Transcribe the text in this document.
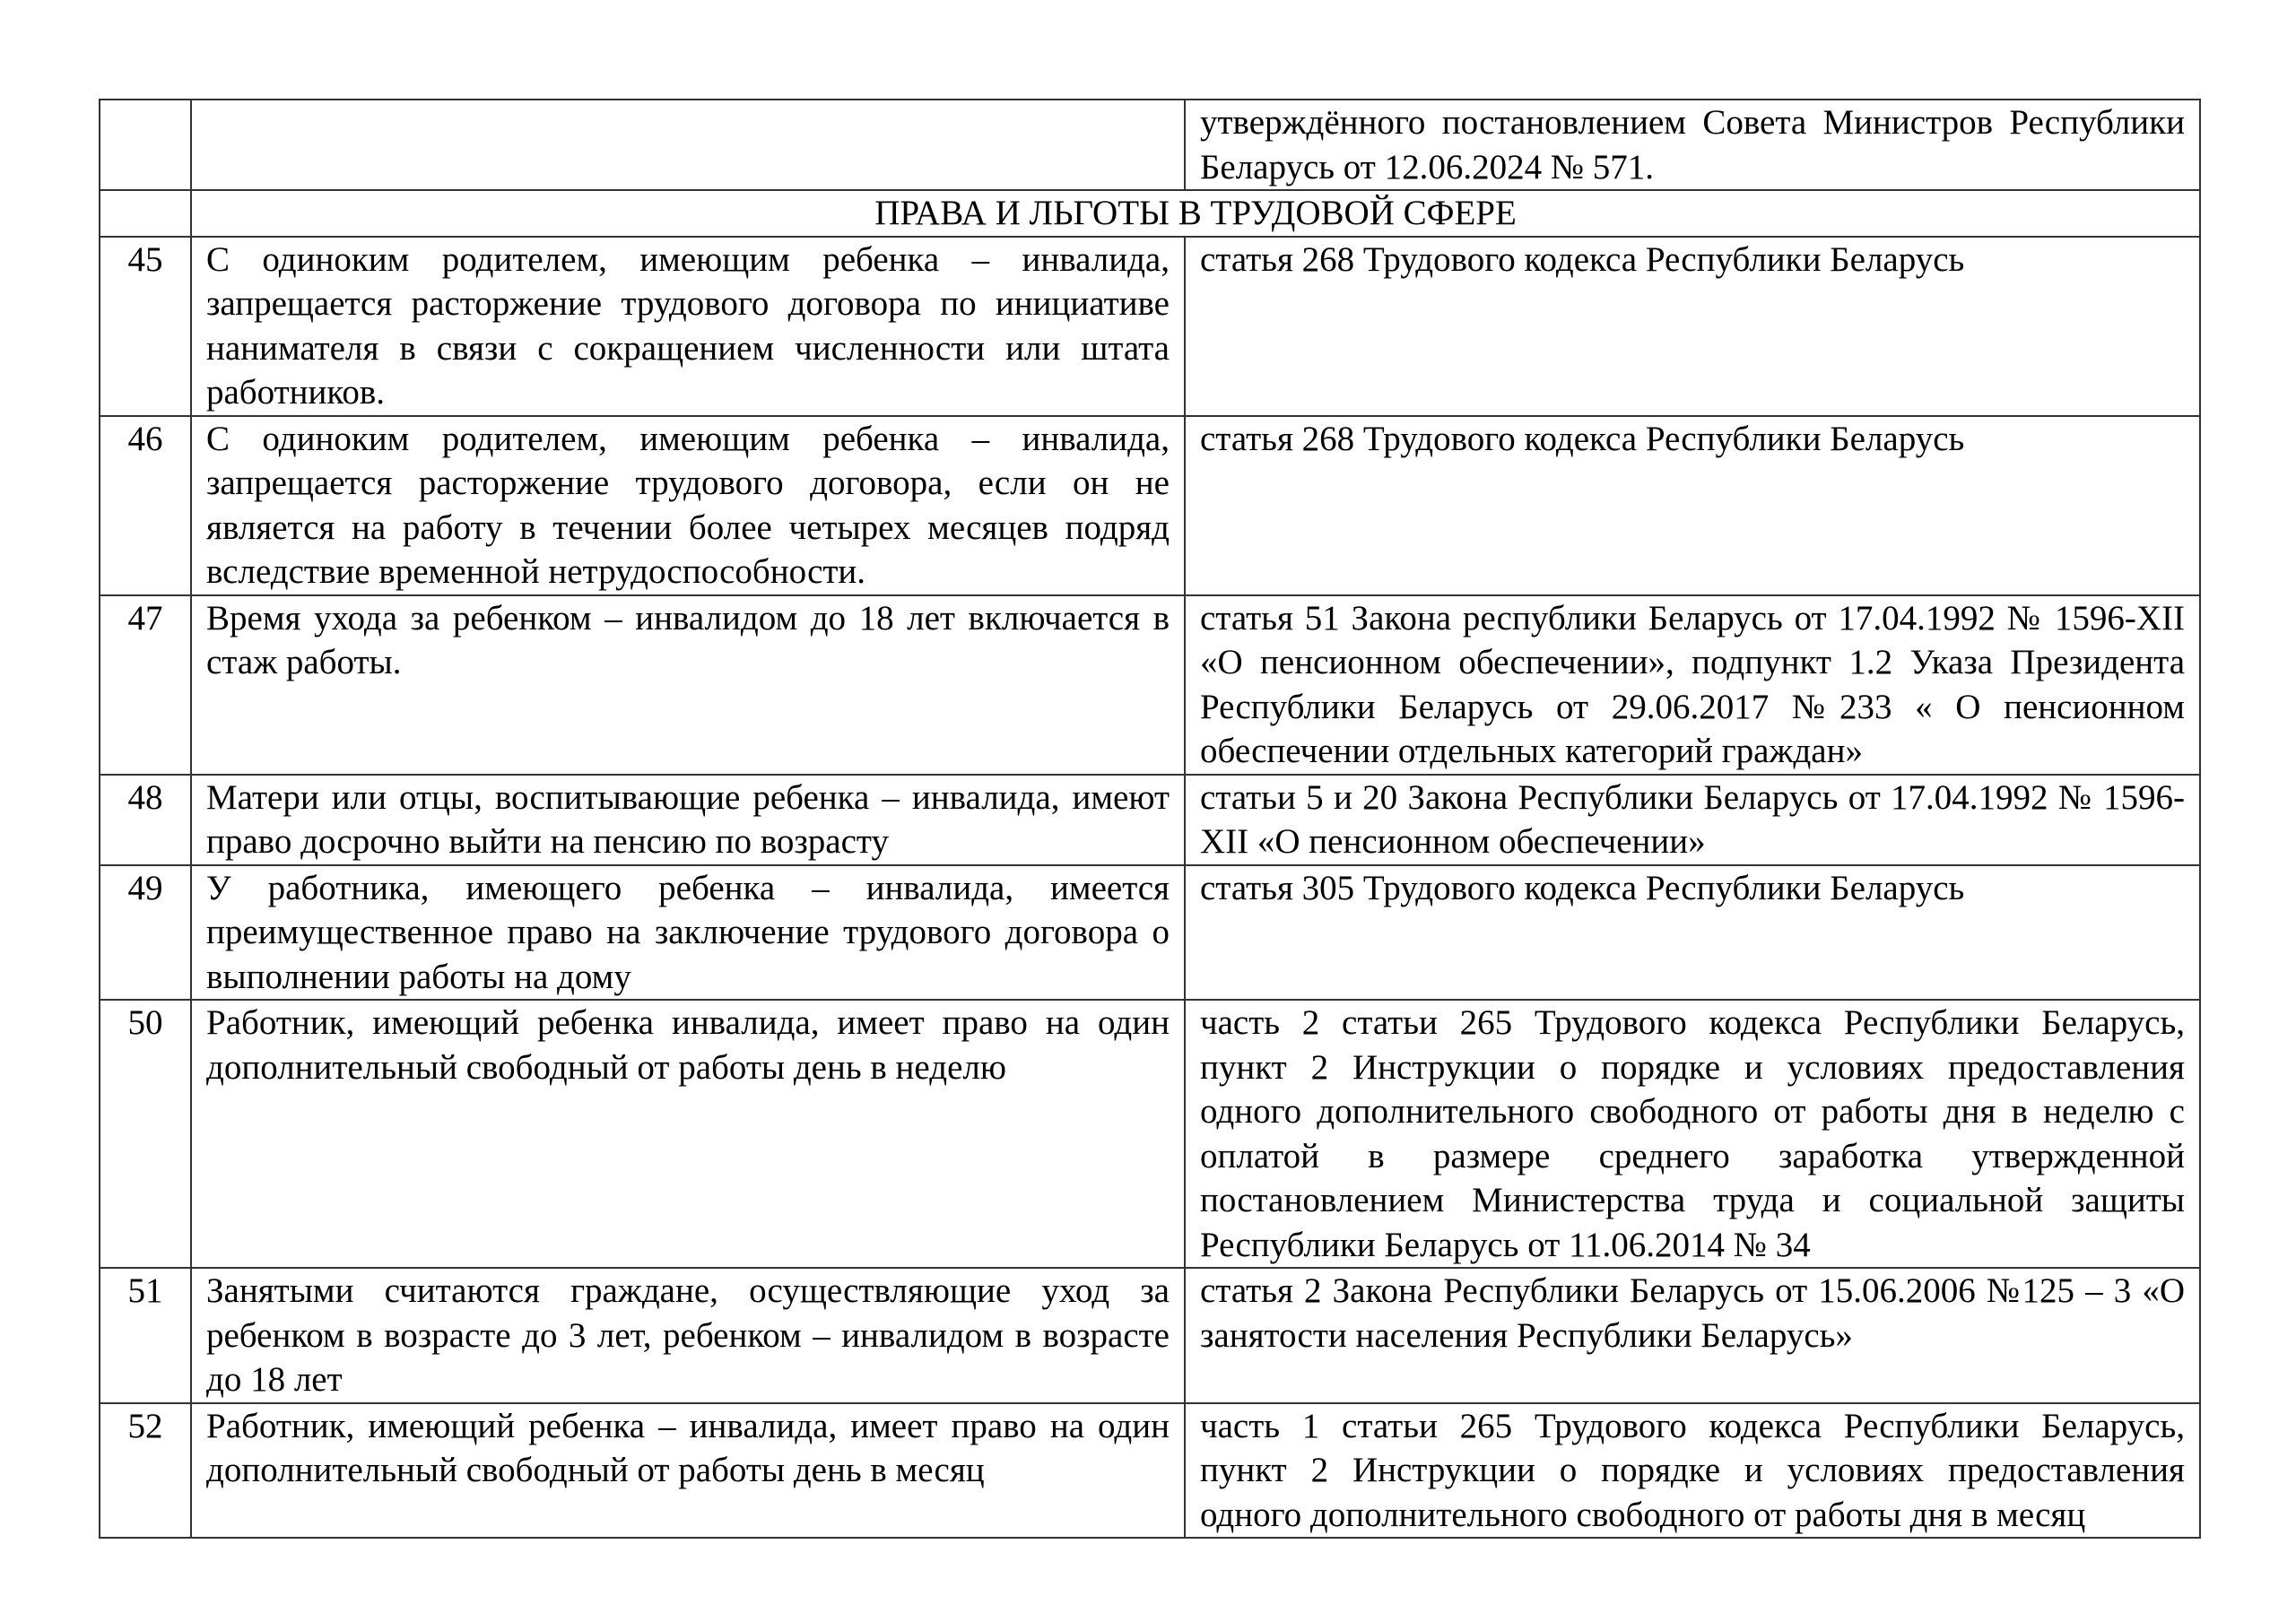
		утверждённого постановлением Совета Министров Республики Беларусь от 12.06.2024 № 571.
	ПРАВА И ЛЬГОТЫ В ТРУДОВОЙ СФЕРЕ	
45	С одиноким родителем, имеющим ребенка – инвалида, запрещается расторжение трудового договора по инициативе нанимателя в связи с сокращением численности или штата работников.	статья 268 Трудового кодекса Республики Беларусь
46	С одиноким родителем, имеющим ребенка – инвалида, запрещается расторжение трудового договора, если он не является на работу в течении более четырех месяцев подряд вследствие временной нетрудоспособности.	статья 268 Трудового кодекса Республики Беларусь
47	Время ухода за ребенком – инвалидом до 18 лет включается в стаж работы.	статья 51 Закона республики Беларусь от 17.04.1992 № 1596-XII «О пенсионном обеспечении», подпункт 1.2 Указа Президента Республики Беларусь от 29.06.2017 №233 « О пенсионном обеспечении отдельных категорий граждан»
48	Матери или отцы, воспитывающие ребенка – инвалида, имеют право досрочно выйти на пенсию по возрасту	статьи 5 и 20 Закона Республики Беларусь от 17.04.1992 № 1596-XII «О пенсионном обеспечении»
49	У работника, имеющего ребенка – инвалида, имеется преимущественное право на заключение трудового договора о выполнении работы на дому	статья 305 Трудового кодекса Республики Беларусь
50	Работник, имеющий ребенка инвалида, имеет право на один дополнительный свободный от работы день в неделю	часть 2 статьи 265 Трудового кодекса Республики Беларусь, пункт 2 Инструкции о порядке и условиях предоставления одного дополнительного свободного от работы дня в неделю с оплатой в размере среднего заработка утвержденной постановлением Министерства труда и социальной защиты Республики Беларусь от 11.06.2014 № 34
51	Занятыми считаются граждане, осуществляющие уход за ребенком в возрасте до 3 лет, ребенком – инвалидом в возрасте до 18 лет	статья 2 Закона Республики Беларусь от 15.06.2006 №125 – 3 «О занятости населения Республики Беларусь»
52	Работник, имеющий ребенка – инвалида, имеет право на один дополнительный свободный от работы день в месяц	часть 1 статьи 265 Трудового кодекса Республики Беларусь, пункт 2 Инструкции о порядке и условиях предоставления одного дополнительного свободного от работы дня в месяц
